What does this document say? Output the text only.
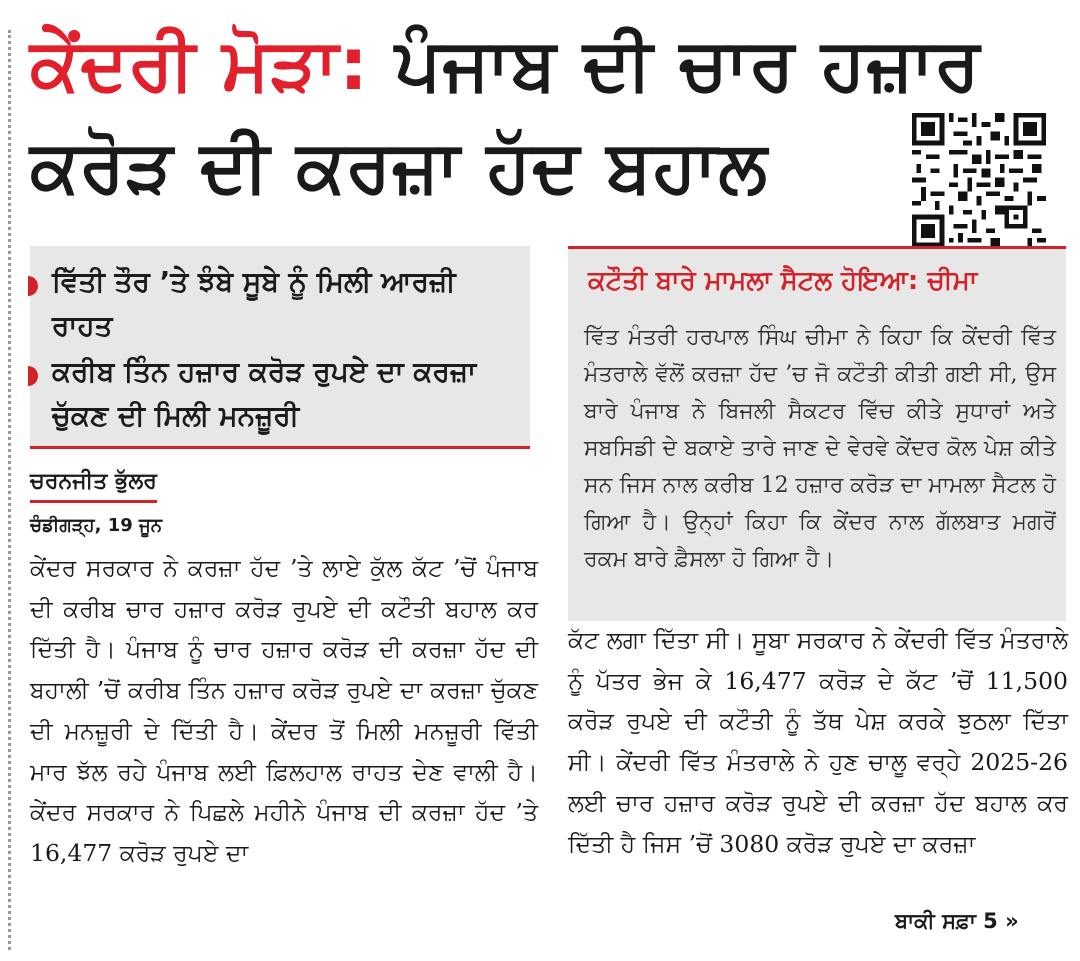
ਕੇਂਦਰੀ ਮੋੜਾ: ਪੰਜਾਬ ਦੀ ਚਾਰ ਹਜ਼ਾਰ
ਕਰੋੜ ਦੀ ਕਰਜ਼ਾ ਹੱਦ ਬਹਾਲ
ਵਿੱਤੀ ਤੌਰ ’ਤੇ ਝੰਬੇ ਸੂਬੇ ਨੂੰ ਮਿਲੀ ਆਰਜ਼ੀ ਰਾਹਤ
ਕਰੀਬ ਤਿੰਨ ਹਜ਼ਾਰ ਕਰੋੜ ਰੁਪਏ ਦਾ ਕਰਜ਼ਾ ਚੁੱਕਣ ਦੀ ਮਿਲੀ ਮਨਜ਼ੂਰੀ
ਚਰਨਜੀਤ ਭੁੱਲਰ
ਚੰਡੀਗੜ੍ਹ, 19 ਜੂਨ
ਕੇਂਦਰ ਸਰਕਾਰ ਨੇ ਕਰਜ਼ਾ ਹੱਦ ’ਤੇ ਲਾਏ ਕੁੱਲ ਕੱਟ ’ਚੋਂ ਪੰਜਾਬ ਦੀ ਕਰੀਬ ਚਾਰ ਹਜ਼ਾਰ ਕਰੋੜ ਰੁਪਏ ਦੀ ਕਟੌਤੀ ਬਹਾਲ ਕਰ ਦਿੱਤੀ ਹੈ। ਪੰਜਾਬ ਨੂੰ ਚਾਰ ਹਜ਼ਾਰ ਕਰੋੜ ਦੀ ਕਰਜ਼ਾ ਹੱਦ ਦੀ ਬਹਾਲੀ ’ਚੋਂ ਕਰੀਬ ਤਿੰਨ ਹਜ਼ਾਰ ਕਰੋੜ ਰੁਪਏ ਦਾ ਕਰਜ਼ਾ ਚੁੱਕਣ ਦੀ ਮਨਜ਼ੂਰੀ ਦੇ ਦਿੱਤੀ ਹੈ। ਕੇਂਦਰ ਤੋਂ ਮਿਲੀ ਮਨਜ਼ੂਰੀ ਵਿੱਤੀ ਮਾਰ ਝੱਲ ਰਹੇ ਪੰਜਾਬ ਲਈ ਫ਼ਿਲਹਾਲ ਰਾਹਤ ਦੇਣ ਵਾਲੀ ਹੈ। ਕੇਂਦਰ ਸਰਕਾਰ ਨੇ ਪਿਛਲੇ ਮਹੀਨੇ ਪੰਜਾਬ ਦੀ ਕਰਜ਼ਾ ਹੱਦ ’ਤੇ 16,477 ਕਰੋੜ ਰੁਪਏ ਦਾ
ਕਟੌਤੀ ਬਾਰੇ ਮਾਮਲਾ ਸੈਟਲ ਹੋਇਆ: ਚੀਮਾ
ਵਿੱਤ ਮੰਤਰੀ ਹਰਪਾਲ ਸਿੰਘ ਚੀਮਾ ਨੇ ਕਿਹਾ ਕਿ ਕੇਂਦਰੀ ਵਿੱਤ ਮੰਤਰਾਲੇ ਵੱਲੋਂ ਕਰਜ਼ਾ ਹੱਦ ’ਚ ਜੋ ਕਟੌਤੀ ਕੀਤੀ ਗਈ ਸੀ, ਉਸ ਬਾਰੇ ਪੰਜਾਬ ਨੇ ਬਿਜਲੀ ਸੈਕਟਰ ਵਿੱਚ ਕੀਤੇ ਸੁਧਾਰਾਂ ਅਤੇ ਸਬਸਿਡੀ ਦੇ ਬਕਾਏ ਤਾਰੇ ਜਾਣ ਦੇ ਵੇਰਵੇ ਕੇਂਦਰ ਕੋਲ ਪੇਸ਼ ਕੀਤੇ ਸਨ ਜਿਸ ਨਾਲ ਕਰੀਬ 12 ਹਜ਼ਾਰ ਕਰੋੜ ਦਾ ਮਾਮਲਾ ਸੈਟਲ ਹੋ ਗਿਆ ਹੈ। ਉਨ੍ਹਾਂ ਕਿਹਾ ਕਿ ਕੇਂਦਰ ਨਾਲ ਗੱਲਬਾਤ ਮਗਰੋਂ ਰਕਮ ਬਾਰੇ ਫ਼ੈਸਲਾ ਹੋ ਗਿਆ ਹੈ।
ਕੱਟ ਲਗਾ ਦਿੱਤਾ ਸੀ। ਸੂਬਾ ਸਰਕਾਰ ਨੇ ਕੇਂਦਰੀ ਵਿੱਤ ਮੰਤਰਾਲੇ ਨੂੰ ਪੱਤਰ ਭੇਜ ਕੇ 16,477 ਕਰੋੜ ਦੇ ਕੱਟ ’ਚੋਂ 11,500 ਕਰੋੜ ਰੁਪਏ ਦੀ ਕਟੌਤੀ ਨੂੰ ਤੱਥ ਪੇਸ਼ ਕਰਕੇ ਝੁਠਲਾ ਦਿੱਤਾ ਸੀ। ਕੇਂਦਰੀ ਵਿੱਤ ਮੰਤਰਾਲੇ ਨੇ ਹੁਣ ਚਾਲੂ ਵਰ੍ਹੇ 2025-26 ਲਈ ਚਾਰ ਹਜ਼ਾਰ ਕਰੋੜ ਰੁਪਏ ਦੀ ਕਰਜ਼ਾ ਹੱਦ ਬਹਾਲ ਕਰ ਦਿੱਤੀ ਹੈ ਜਿਸ ’ਚੋਂ 3080 ਕਰੋੜ ਰੁਪਏ ਦਾ ਕਰਜ਼ਾ
ਬਾਕੀ ਸਫ਼ਾ 5 »
